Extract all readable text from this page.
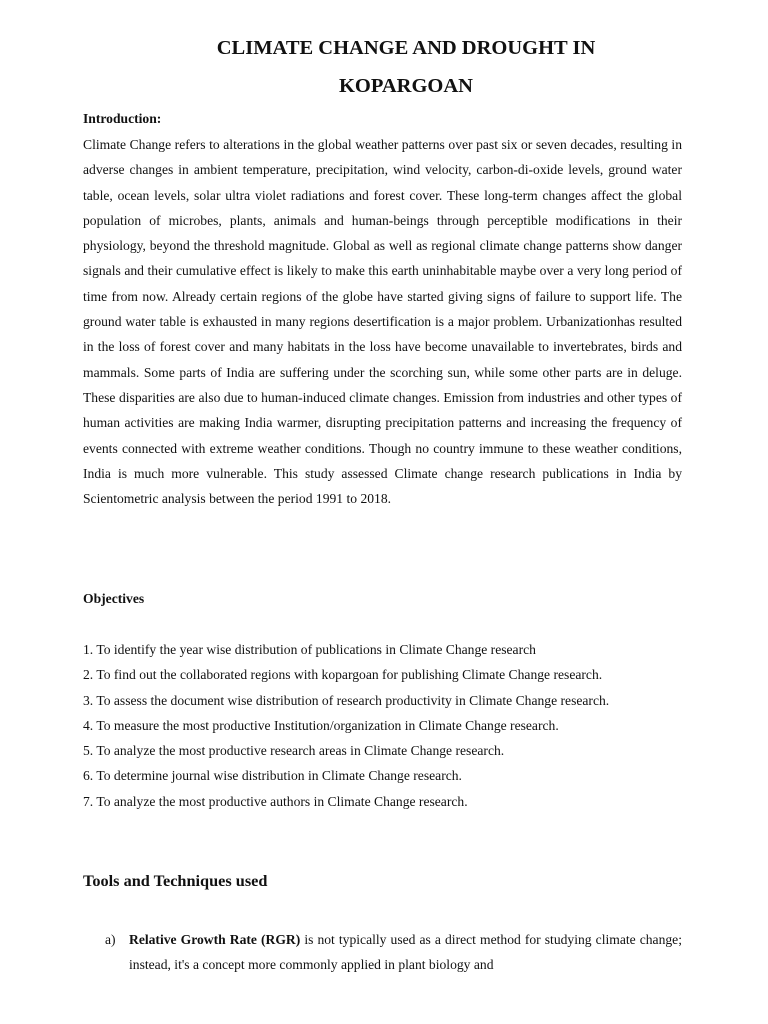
CLIMATE CHANGE AND DROUGHT IN
KOPARGOAN
Introduction:

Climate Change refers to alterations in the global weather patterns over past six or seven decades, resulting in adverse changes in ambient temperature, precipitation, wind velocity, carbon-di-oxide levels, ground water table, ocean levels, solar ultra violet radiations and forest cover. These long-term changes affect the global population of microbes, plants, animals and human-beings through perceptible modifications in their physiology, beyond the threshold magnitude. Global as well as regional climate change patterns show danger signals and their cumulative effect is likely to make this earth uninhabitable maybe over a very long period of time from now. Already certain regions of the globe have started giving signs of failure to support life. The ground water table is exhausted in many regions desertification is a major problem. Urbanizationhas resulted in the loss of forest cover and many habitats in the loss have become unavailable to invertebrates, birds and mammals. Some parts of India are suffering under the scorching sun, while some other parts are in deluge. These disparities are also due to human-induced climate changes. Emission from industries and other types of human activities are making India warmer, disrupting precipitation patterns and increasing the frequency of events connected with extreme weather conditions. Though no country immune to these weather conditions, India is much more vulnerable. This study assessed Climate change research publications in India by Scientometric analysis between the period 1991 to 2018.

Objectives
1. To identify the year wise distribution of publications in Climate Change research
2. To find out the collaborated regions with kopargoan for publishing Climate Change research.
3. To assess the document wise distribution of research productivity in Climate Change research.
4. To measure the most productive Institution/organization in Climate Change research.
5. To analyze the most productive research areas in Climate Change research.
6. To determine journal wise distribution in Climate Change research.
7. To analyze the most productive authors in Climate Change research.
Tools and Techniques used
a) Relative Growth Rate (RGR) is not typically used as a direct method for studying climate change; instead, it's a concept more commonly applied in plant biology and
